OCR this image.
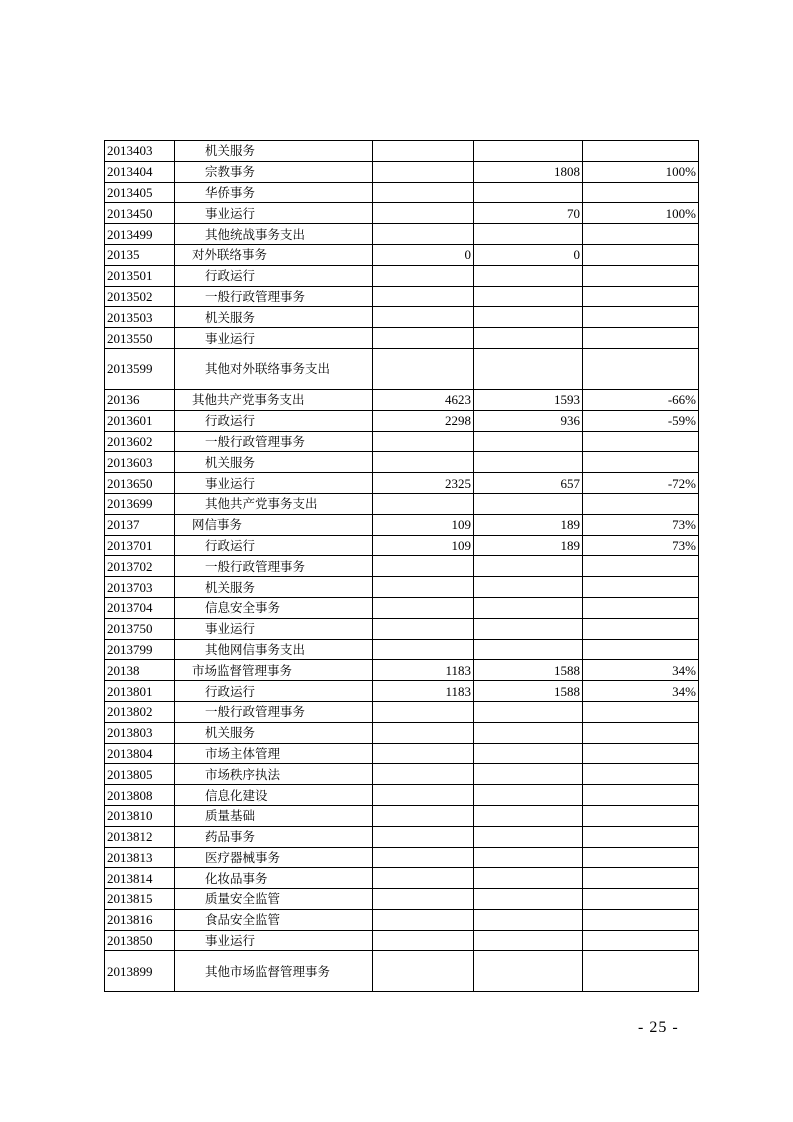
2013403	机关服务			
2013404	宗教事务		1808	100%
2013405	华侨事务			
2013450	事业运行		70	100%
2013499	其他统战事务支出			
20135	对外联络事务	0	0	
2013501	行政运行			
2013502	一般行政管理事务			
2013503	机关服务			
2013550	事业运行			
2013599	其他对外联络事务支出			
20136	其他共产党事务支出	4623	1593	-66%
2013601	行政运行	2298	936	-59%
2013602	一般行政管理事务			
2013603	机关服务			
2013650	事业运行	2325	657	-72%
2013699	其他共产党事务支出			
20137	网信事务	109	189	73%
2013701	行政运行	109	189	73%
2013702	一般行政管理事务			
2013703	机关服务			
2013704	信息安全事务			
2013750	事业运行			
2013799	其他网信事务支出			
20138	市场监督管理事务	1183	1588	34%
2013801	行政运行	1183	1588	34%
2013802	一般行政管理事务			
2013803	机关服务			
2013804	市场主体管理			
2013805	市场秩序执法			
2013808	信息化建设			
2013810	质量基础			
2013812	药品事务			
2013813	医疗器械事务			
2013814	化妆品事务			
2013815	质量安全监管			
2013816	食品安全监管			
2013850	事业运行			
2013899	其他市场监督管理事务			
- 25 -
